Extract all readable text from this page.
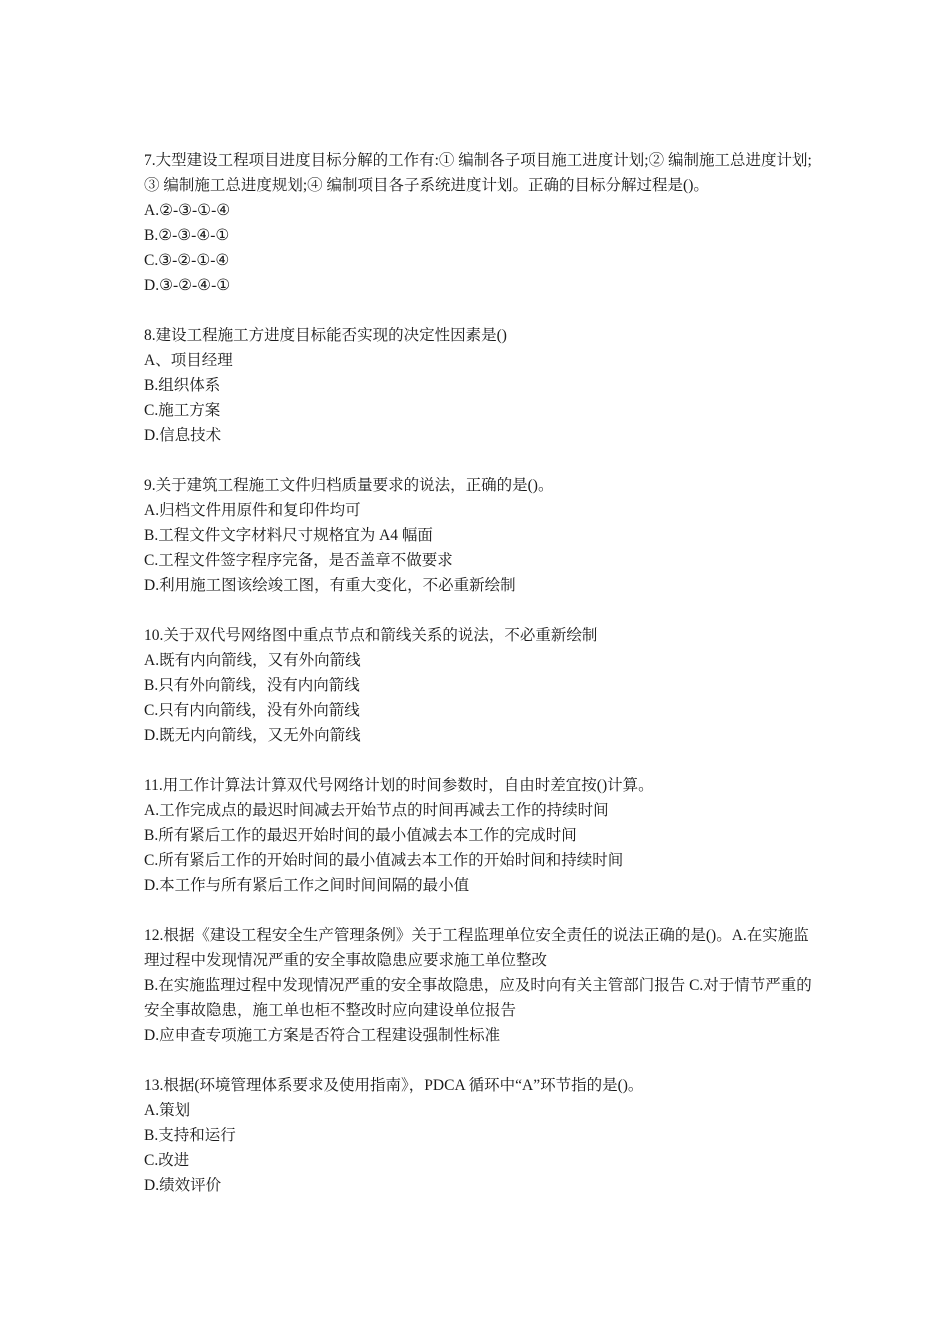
7.大型建设工程项目进度目标分解的工作有:① 编制各子项目施工进度计划;② 编制施工总进度计划;③ 编制施工总进度规划;④ 编制项目各子系统进度计划。正确的目标分解过程是()。

A.②-③-①-④

B.②-③-④-①

C.③-②-①-④

D.③-②-④-①

8.建设工程施工方进度目标能否实现的决定性因素是()

A、项目经理

B.组织体系

C.施工方案

D.信息技术

9.关于建筑工程施工文件归档质量要求的说法，正确的是()。

A.归档文件用原件和复印件均可

B.工程文件文字材料尺寸规格宜为 A4 幅面

C.工程文件签字程序完备，是否盖章不做要求

D.利用施工图该绘竣工图，有重大变化，不必重新绘制

10.关于双代号网络图中重点节点和箭线关系的说法，不必重新绘制

A.既有内向箭线，又有外向箭线

B.只有外向箭线，没有内向箭线

C.只有内向箭线，没有外向箭线

D.既无内向箭线，又无外向箭线

11.用工作计算法计算双代号网络计划的时间参数时，自由时差宜按()计算。

A.工作完成点的最迟时间减去开始节点的时间再减去工作的持续时间

B.所有紧后工作的最迟开始时间的最小值减去本工作的完成时间

C.所有紧后工作的开始时间的最小值减去本工作的开始时间和持续时间

D.本工作与所有紧后工作之间时间间隔的最小值

12.根据《建设工程安全生产管理条例》关于工程监理单位安全责任的说法正确的是()。A.在实施监理过程中发现情况严重的安全事故隐患应要求施工单位整改

B.在实施监理过程中发现情况严重的安全事故隐患，应及时向有关主管部门报告 C.对于情节严重的安全事故隐患，施工单也柜不整改时应向建设单位报告

D.应申查专项施工方案是否符合工程建设强制性标准

13.根据(环境管理体系要求及使用指南》，PDCA 循环中“A”环节指的是()。

A.策划

B.支持和运行

C.改进

D.绩效评价
